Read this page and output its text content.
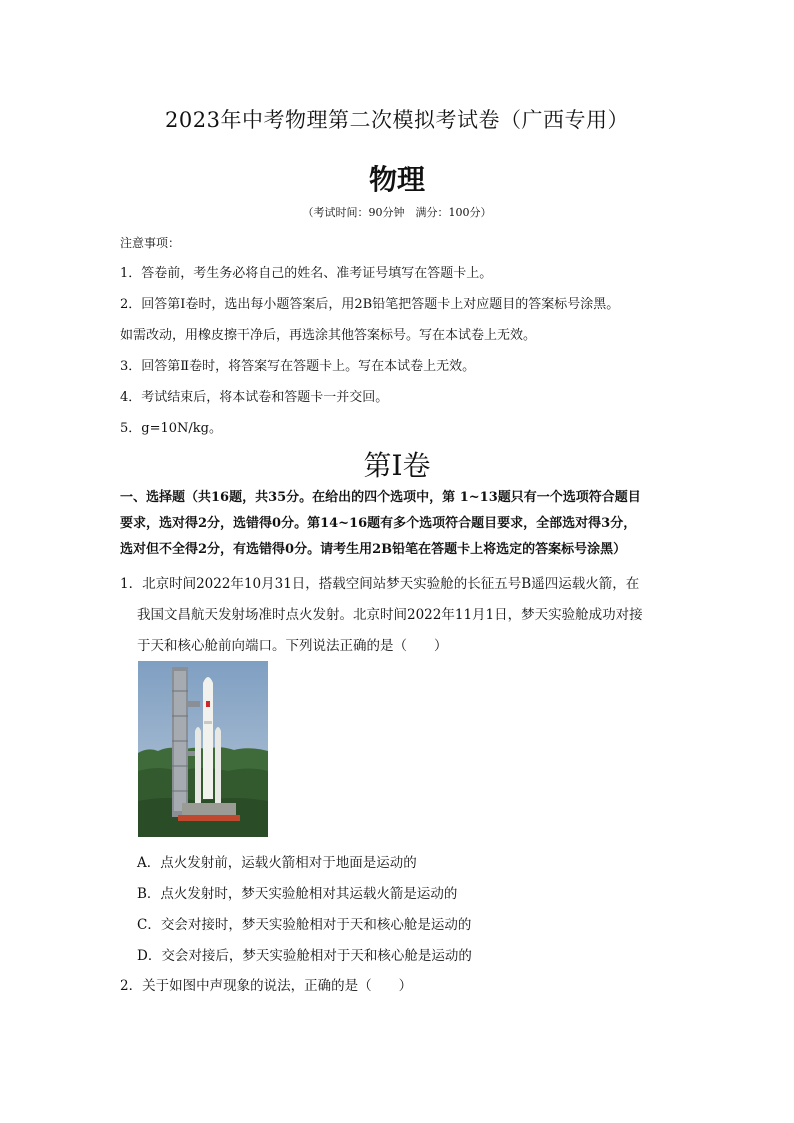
2023年中考物理第二次模拟考试卷（广西专用）
物理
（考试时间：90分钟　满分：100分）
注意事项：
1．答卷前，考生务必将自己的姓名、准考证号填写在答题卡上。
2．回答第Ⅰ卷时，选出每小题答案后，用2B铅笔把答题卡上对应题目的答案标号涂黑。
如需改动，用橡皮擦干净后，再选涂其他答案标号。写在本试卷上无效。
3．回答第Ⅱ卷时，将答案写在答题卡上。写在本试卷上无效。
4．考试结束后，将本试卷和答题卡一并交回。
5．g=10N/kg。
第Ⅰ卷
一、选择题（共16题，共35分。在给出的四个选项中，第 1~13题只有一个选项符合题目
要求，选对得2分，选错得0分。第14~16题有多个选项符合题目要求，全部选对得3分，
选对但不全得2分，有选错得0分。请考生用2B铅笔在答题卡上将选定的答案标号涂黑）
1．北京时间2022年10月31日，搭载空间站梦天实验舱的长征五号B遥四运载火箭，在
我国文昌航天发射场准时点火发射。北京时间2022年11月1日，梦天实验舱成功对接
于天和核心舱前向端口。下列说法正确的是（　　）
A．点火发射前，运载火箭相对于地面是运动的
B．点火发射时，梦天实验舱相对其运载火箭是运动的
C．交会对接时，梦天实验舱相对于天和核心舱是运动的
D．交会对接后，梦天实验舱相对于天和核心舱是运动的
2．关于如图中声现象的说法，正确的是（　　）
